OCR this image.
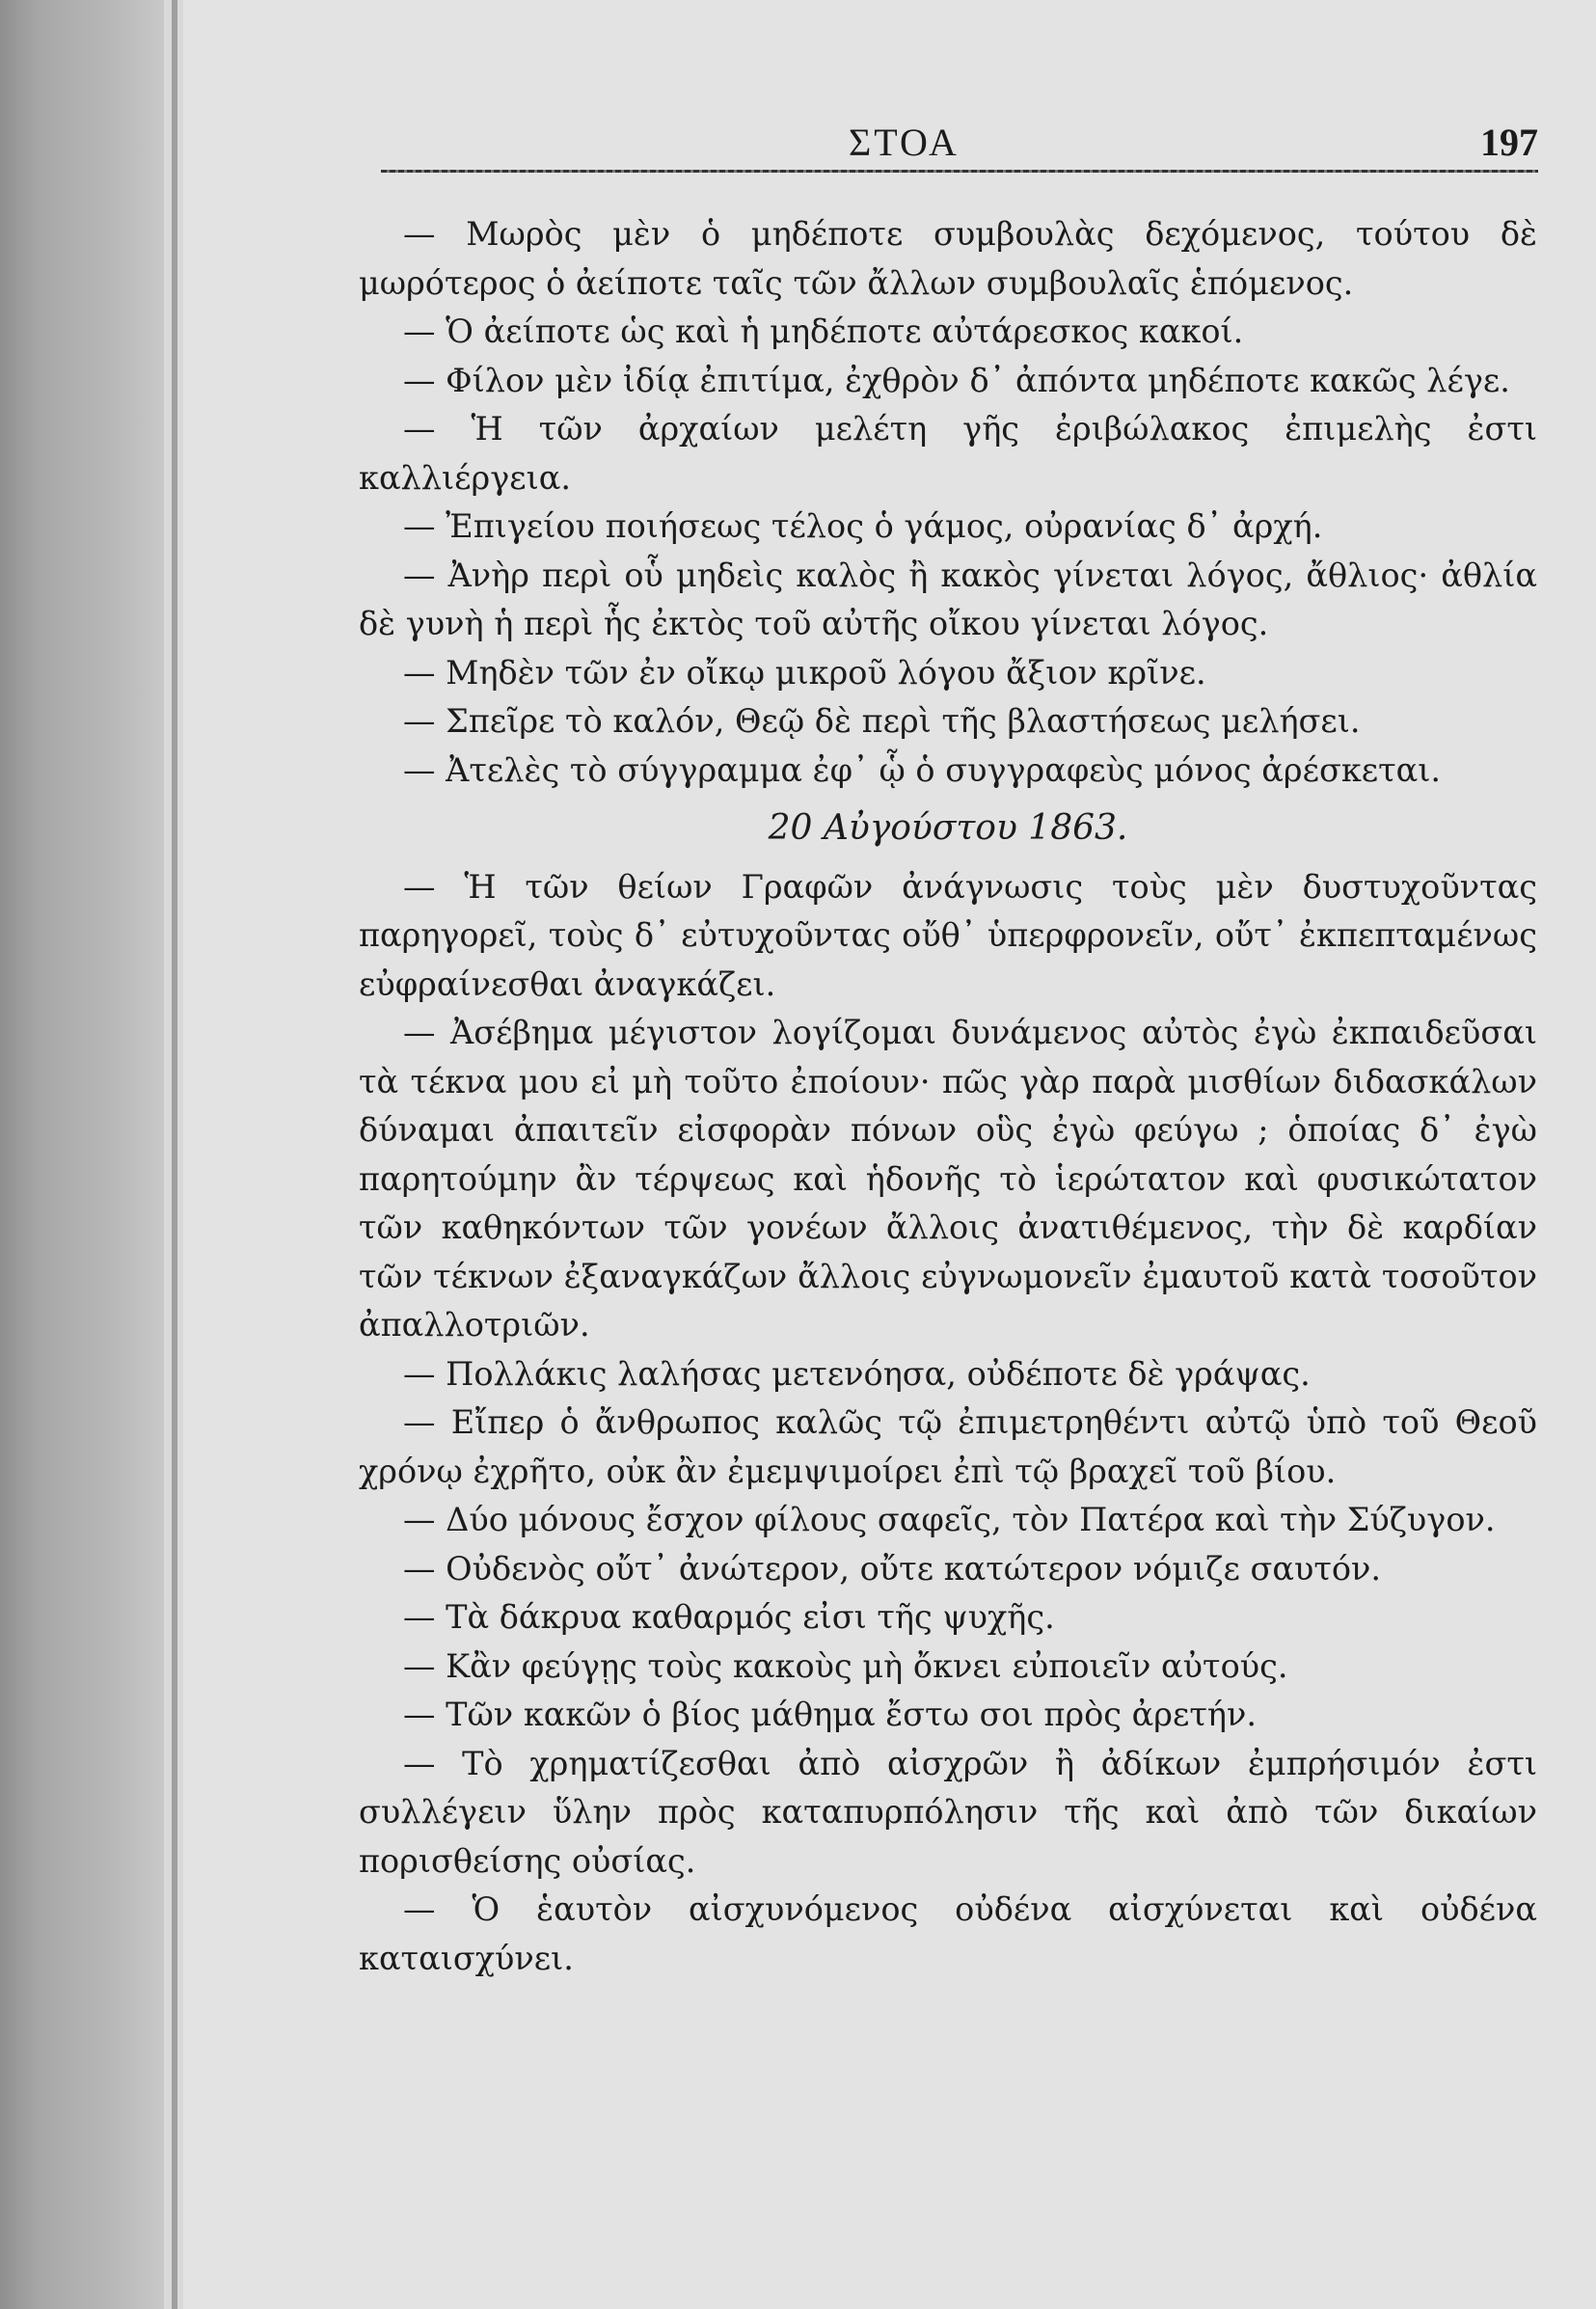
ΣΤΟΑ	197

— Μωρὸς μὲν ὁ μηδέποτε συμβουλὰς δεχόμενος, τούτου δὲ μωρότερος ὁ ἀείποτε ταῖς τῶν ἄλλων συμβουλαῖς ἑπόμενος.

— Ὁ ἀείποτε ὡς καὶ ἡ μηδέποτε αὐτάρεσκος κακοί.

— Φίλον μὲν ἰδίᾳ ἐπιτίμα, ἐχθρὸν δ᾽ ἀπόντα μηδέποτε κακῶς λέγε.

— Ἡ τῶν ἀρχαίων μελέτη γῆς ἐριβώλακος ἐπιμελὴς ἐστι καλλιέργεια.

— Ἐπιγείου ποιήσεως τέλος ὁ γάμος, οὐρανίας δ᾽ ἀρχή.

— Ἀνὴρ περὶ οὗ μηδεὶς καλὸς ἢ κακὸς γίνεται λόγος, ἄθλιος· ἀθλία δὲ γυνὴ ἡ περὶ ἧς ἐκτὸς τοῦ αὐτῆς οἴκου γίνεται λόγος.

— Μηδὲν τῶν ἐν οἴκῳ μικροῦ λόγου ἄξιον κρῖνε.

— Σπεῖρε τὸ καλόν, Θεῷ δὲ περὶ τῆς βλαστήσεως μελήσει.

— Ἀτελὲς τὸ σύγγραμμα ἐφ᾽ ᾧ ὁ συγγραφεὺς μόνος ἀρέσκεται.

20 Αὐγούστου 1863.

— Ἡ τῶν θείων Γραφῶν ἀνάγνωσις τοὺς μὲν δυστυχοῦντας παρηγορεῖ, τοὺς δ᾽ εὐτυχοῦντας οὔθ᾽ ὑπερφρονεῖν, οὔτ᾽ ἐκπεπταμένως εὐφραίνεσθαι ἀναγκάζει.

— Ἀσέβημα μέγιστον λογίζομαι δυνάμενος αὐτὸς ἐγὼ ἐκπαιδεῦσαι τὰ τέκνα μου εἰ μὴ τοῦτο ἐποίουν· πῶς γὰρ παρὰ μισθίων διδασκάλων δύναμαι ἀπαιτεῖν εἰσφορὰν πόνων οὓς ἐγὼ φεύγω ; ὁποίας δ᾽ ἐγὼ παρητούμην ἂν τέρψεως καὶ ἡδονῆς τὸ ἱερώτατον καὶ φυσικώτατον τῶν καθηκόντων τῶν γονέων ἄλλοις ἀνατιθέμενος, τὴν δὲ καρδίαν τῶν τέκνων ἐξαναγκάζων ἄλλοις εὐγνωμονεῖν ἐμαυτοῦ κατὰ τοσοῦτον ἀπαλλοτριῶν.

— Πολλάκις λαλήσας μετενόησα, οὐδέποτε δὲ γράψας.

— Εἴπερ ὁ ἄνθρωπος καλῶς τῷ ἐπιμετρηθέντι αὐτῷ ὑπὸ τοῦ Θεοῦ χρόνῳ ἐχρῆτο, οὐκ ἂν ἐμεμψιμοίρει ἐπὶ τῷ βραχεῖ τοῦ βίου.

— Δύο μόνους ἔσχον φίλους σαφεῖς, τὸν Πατέρα καὶ τὴν Σύζυγον.

— Οὐδενὸς οὔτ᾽ ἀνώτερον, οὔτε κατώτερον νόμιζε σαυτόν.

— Τὰ δάκρυα καθαρμός εἰσι τῆς ψυχῆς.

— Κἂν φεύγῃς τοὺς κακοὺς μὴ ὄκνει εὐποιεῖν αὐτούς.

— Τῶν κακῶν ὁ βίος μάθημα ἔστω σοι πρὸς ἀρετήν.

— Τὸ χρηματίζεσθαι ἀπὸ αἰσχρῶν ἢ ἀδίκων ἐμπρήσιμόν ἐστι συλλέγειν ὕλην πρὸς καταπυρπόλησιν τῆς καὶ ἀπὸ τῶν δικαίων πορισθείσης οὐσίας.

— Ὁ ἑαυτὸν αἰσχυνόμενος οὐδένα αἰσχύνεται καὶ οὐδένα καταισχύνει.
